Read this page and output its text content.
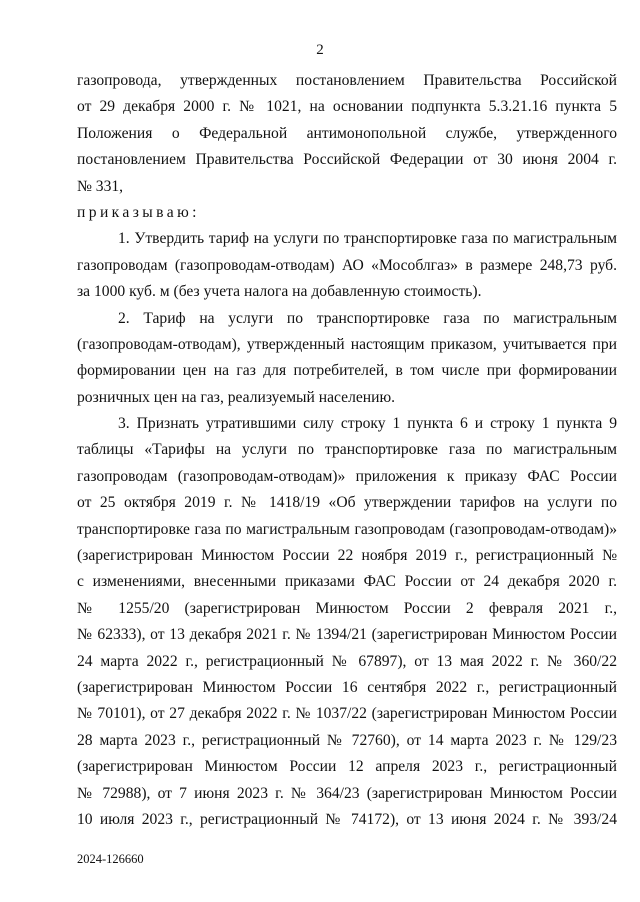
2
газопровода, утвержденных постановлением Правительства Российской
от 29 декабря 2000 г. № 1021, на основании подпункта 5.3.21.16 пункта 5
Положения о Федеральной антимонопольной службе, утвержденного
постановлением Правительства Российской Федерации от 30 июня 2004 г.
№ 331,
приказываю:
1. Утвердить тариф на услуги по транспортировке газа по магистральным
газопроводам (газопроводам-отводам) АО «Мособлгаз» в размере 248,73 руб.
за 1000 куб. м (без учета налога на добавленную стоимость).
2. Тариф на услуги по транспортировке газа по магистральным
(газопроводам-отводам), утвержденный настоящим приказом, учитывается при
формировании цен на газ для потребителей, в том числе при формировании
розничных цен на газ, реализуемый населению.
3. Признать утратившими силу строку 1 пункта 6 и строку 1 пункта 9
таблицы «Тарифы на услуги по транспортировке газа по магистральным
газопроводам (газопроводам-отводам)» приложения к приказу ФАС России
от 25 октября 2019 г. № 1418/19 «Об утверждении тарифов на услуги по
транспортировке газа по магистральным газопроводам (газопроводам-отводам)»
(зарегистрирован Минюстом России 22 ноября 2019 г., регистрационный №
с изменениями, внесенными приказами ФАС России от 24 декабря 2020 г.
№ 1255/20 (зарегистрирован Минюстом России 2 февраля 2021 г.,
№ 62333), от 13 декабря 2021 г. № 1394/21 (зарегистрирован Минюстом России
24 марта 2022 г., регистрационный № 67897), от 13 мая 2022 г. № 360/22
(зарегистрирован Минюстом России 16 сентября 2022 г., регистрационный
№ 70101), от 27 декабря 2022 г. № 1037/22 (зарегистрирован Минюстом России
28 марта 2023 г., регистрационный № 72760), от 14 марта 2023 г. № 129/23
(зарегистрирован Минюстом России 12 апреля 2023 г., регистрационный
№ 72988), от 7 июня 2023 г. № 364/23 (зарегистрирован Минюстом России
10 июля 2023 г., регистрационный № 74172), от 13 июня 2024 г. № 393/24
2024-126660
